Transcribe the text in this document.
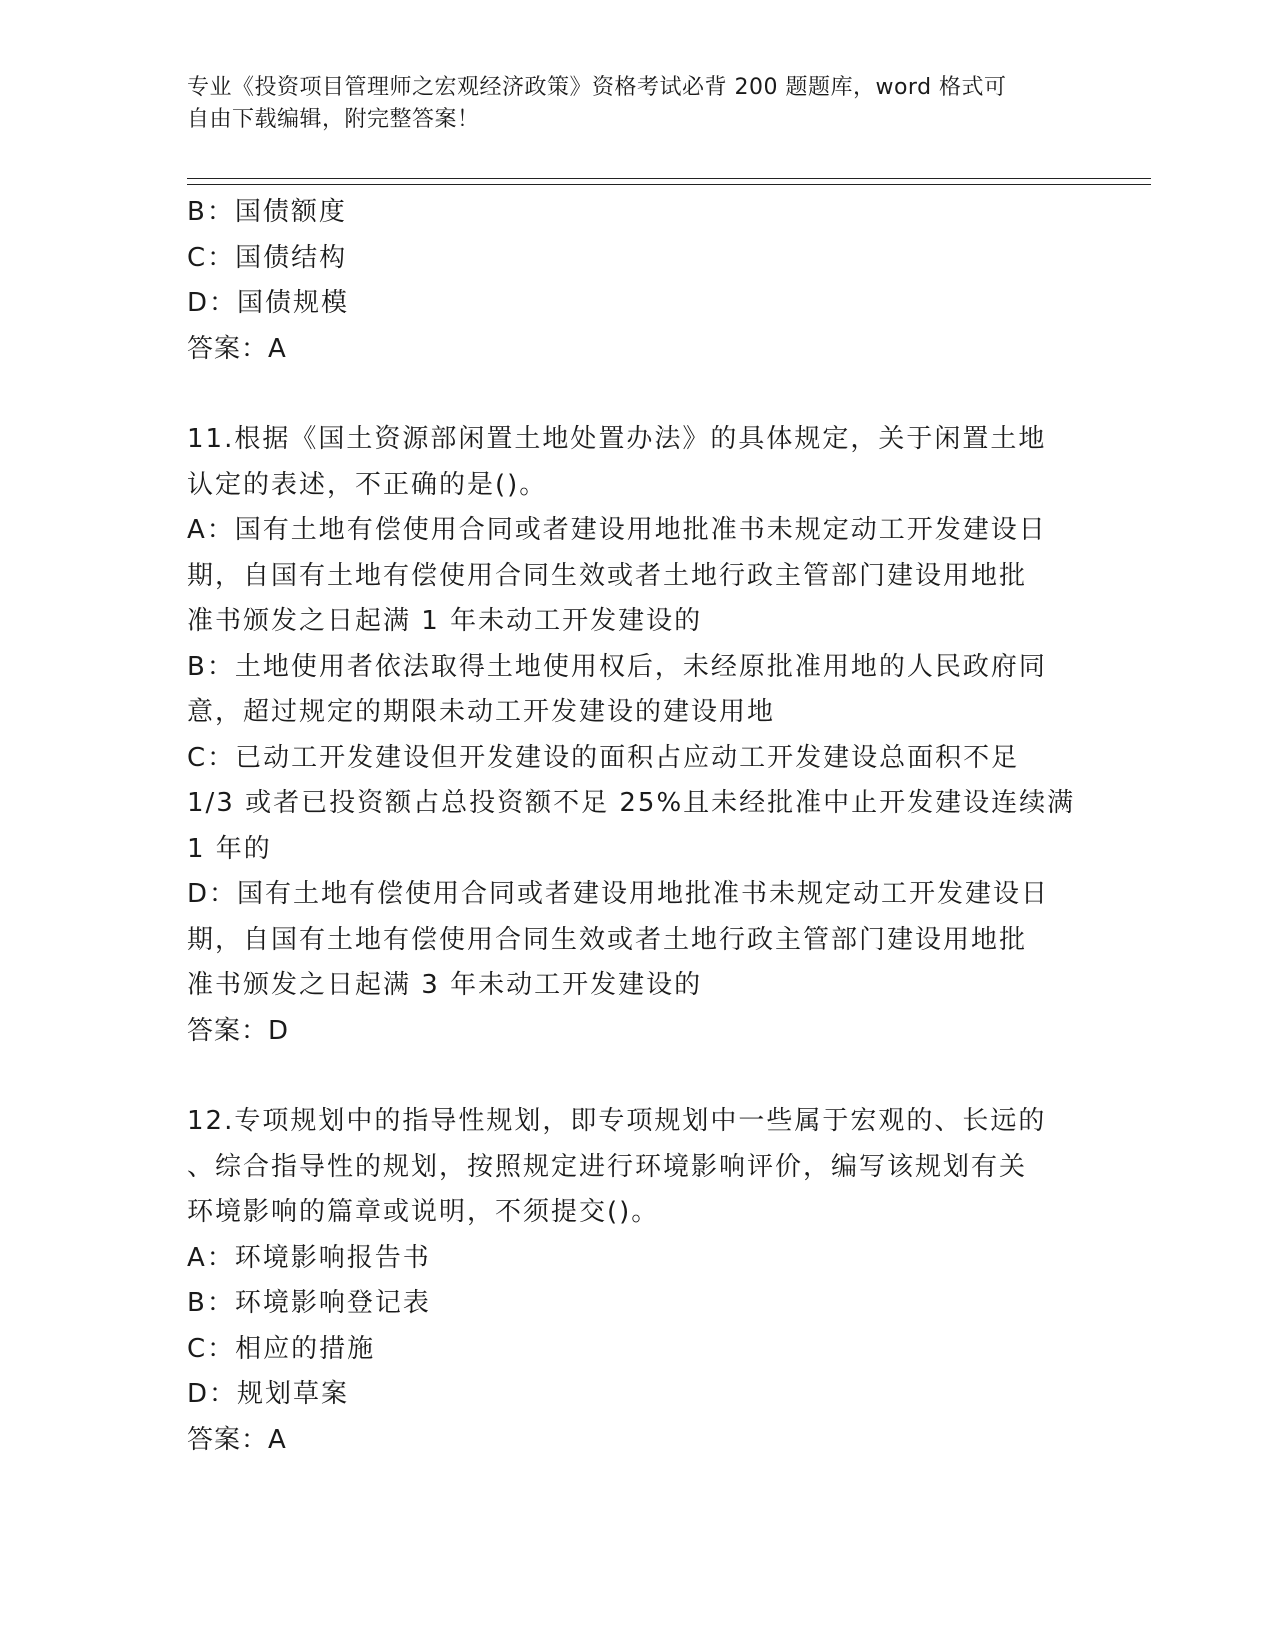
专业《投资项目管理师之宏观经济政策》资格考试必背 200 题题库，word 格式可
自由下载编辑，附完整答案！
B：国债额度
C：国债结构
D：国债规模
答案：A
11.根据《国土资源部闲置土地处置办法》的具体规定，关于闲置土地
认定的表述，不正确的是()。
A：国有土地有偿使用合同或者建设用地批准书未规定动工开发建设日
期，自国有土地有偿使用合同生效或者土地行政主管部门建设用地批
准书颁发之日起满 1 年未动工开发建设的
B：土地使用者依法取得土地使用权后，未经原批准用地的人民政府同
意，超过规定的期限未动工开发建设的建设用地
C：已动工开发建设但开发建设的面积占应动工开发建设总面积不足
1/3 或者已投资额占总投资额不足 25%且未经批准中止开发建设连续满
1 年的
D：国有土地有偿使用合同或者建设用地批准书未规定动工开发建设日
期，自国有土地有偿使用合同生效或者土地行政主管部门建设用地批
准书颁发之日起满 3 年未动工开发建设的
答案：D
12.专项规划中的指导性规划，即专项规划中一些属于宏观的、长远的
、综合指导性的规划，按照规定进行环境影响评价，编写该规划有关
环境影响的篇章或说明，不须提交()。
A：环境影响报告书
B：环境影响登记表
C：相应的措施
D：规划草案
答案：A
